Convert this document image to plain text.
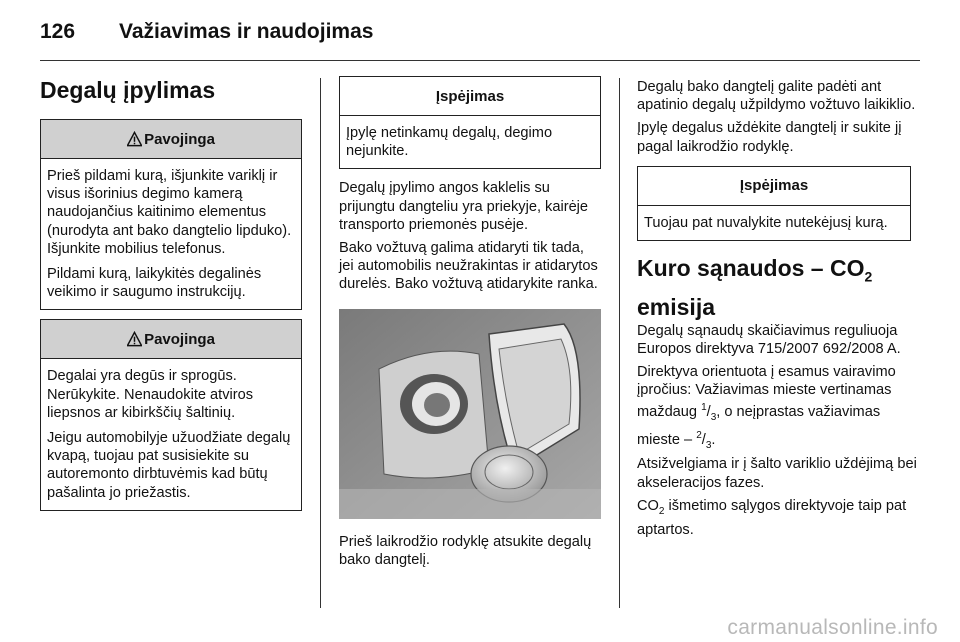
126 Važiavimas ir naudojimas
Degalų įpylimas
Pavojinga
Prieš pildami kurą, išjunkite variklį ir visus išorinius degimo kamerą naudojančius kaitinimo elementus (nurodyta ant bako dangtelio lipduko). Išjunkite mobilius telefonus.
Pildami kurą, laikykitės degalinės veikimo ir saugumo instrukcijų.
Pavojinga
Degalai yra degūs ir sprogūs. Nerūkykite. Nenaudokite atviros liepsnos ar kibirkščių šaltinių.
Jeigu automobilyje užuodžiate degalų kvapą, tuojau pat susisiekite su autoremonto dirbtuvėmis kad būtų pašalinta jo priežastis.
Įspėjimas
Įpylę netinkamų degalų, degimo nejunkite.
Degalų įpylimo angos kaklelis su prijungtu dangteliu yra priekyje, kairėje transporto priemonės pusėje.
Bako vožtuvą galima atidaryti tik tada, jei automobilis neužrakintas ir atidarytos durelės. Bako vožtuvą atidarykite ranka.
Prieš laikrodžio rodyklę atsukite degalų bako dangtelį.
Degalų bako dangtelį galite padėti ant apatinio degalų užpildymo vožtuvo laikiklio.
Įpylę degalus uždėkite dangtelį ir sukite jį pagal laikrodžio rodyklę.
Įspėjimas
Tuojau pat nuvalykite nutekėjusį kurą.
Kuro sąnaudos – $CO_2$
emisija
Degalų sąnaudų skaičiavimus reguliuoja Europos direktyva 715/2007 692/2008 A.
Direktyva orientuota į esamus vairavimo įpročius: Važiavimas mieste vertinamas maždaug $^1/_3$, o neįprastas važiavimas mieste – $^2/_3$.
Atsižvelgiama ir į šalto variklio uždėjimą bei akseleracijos fazes.
$CO_2$ išmetimo sąlygos direktyvoje taip pat aptartos.
carmanualsonline.info
